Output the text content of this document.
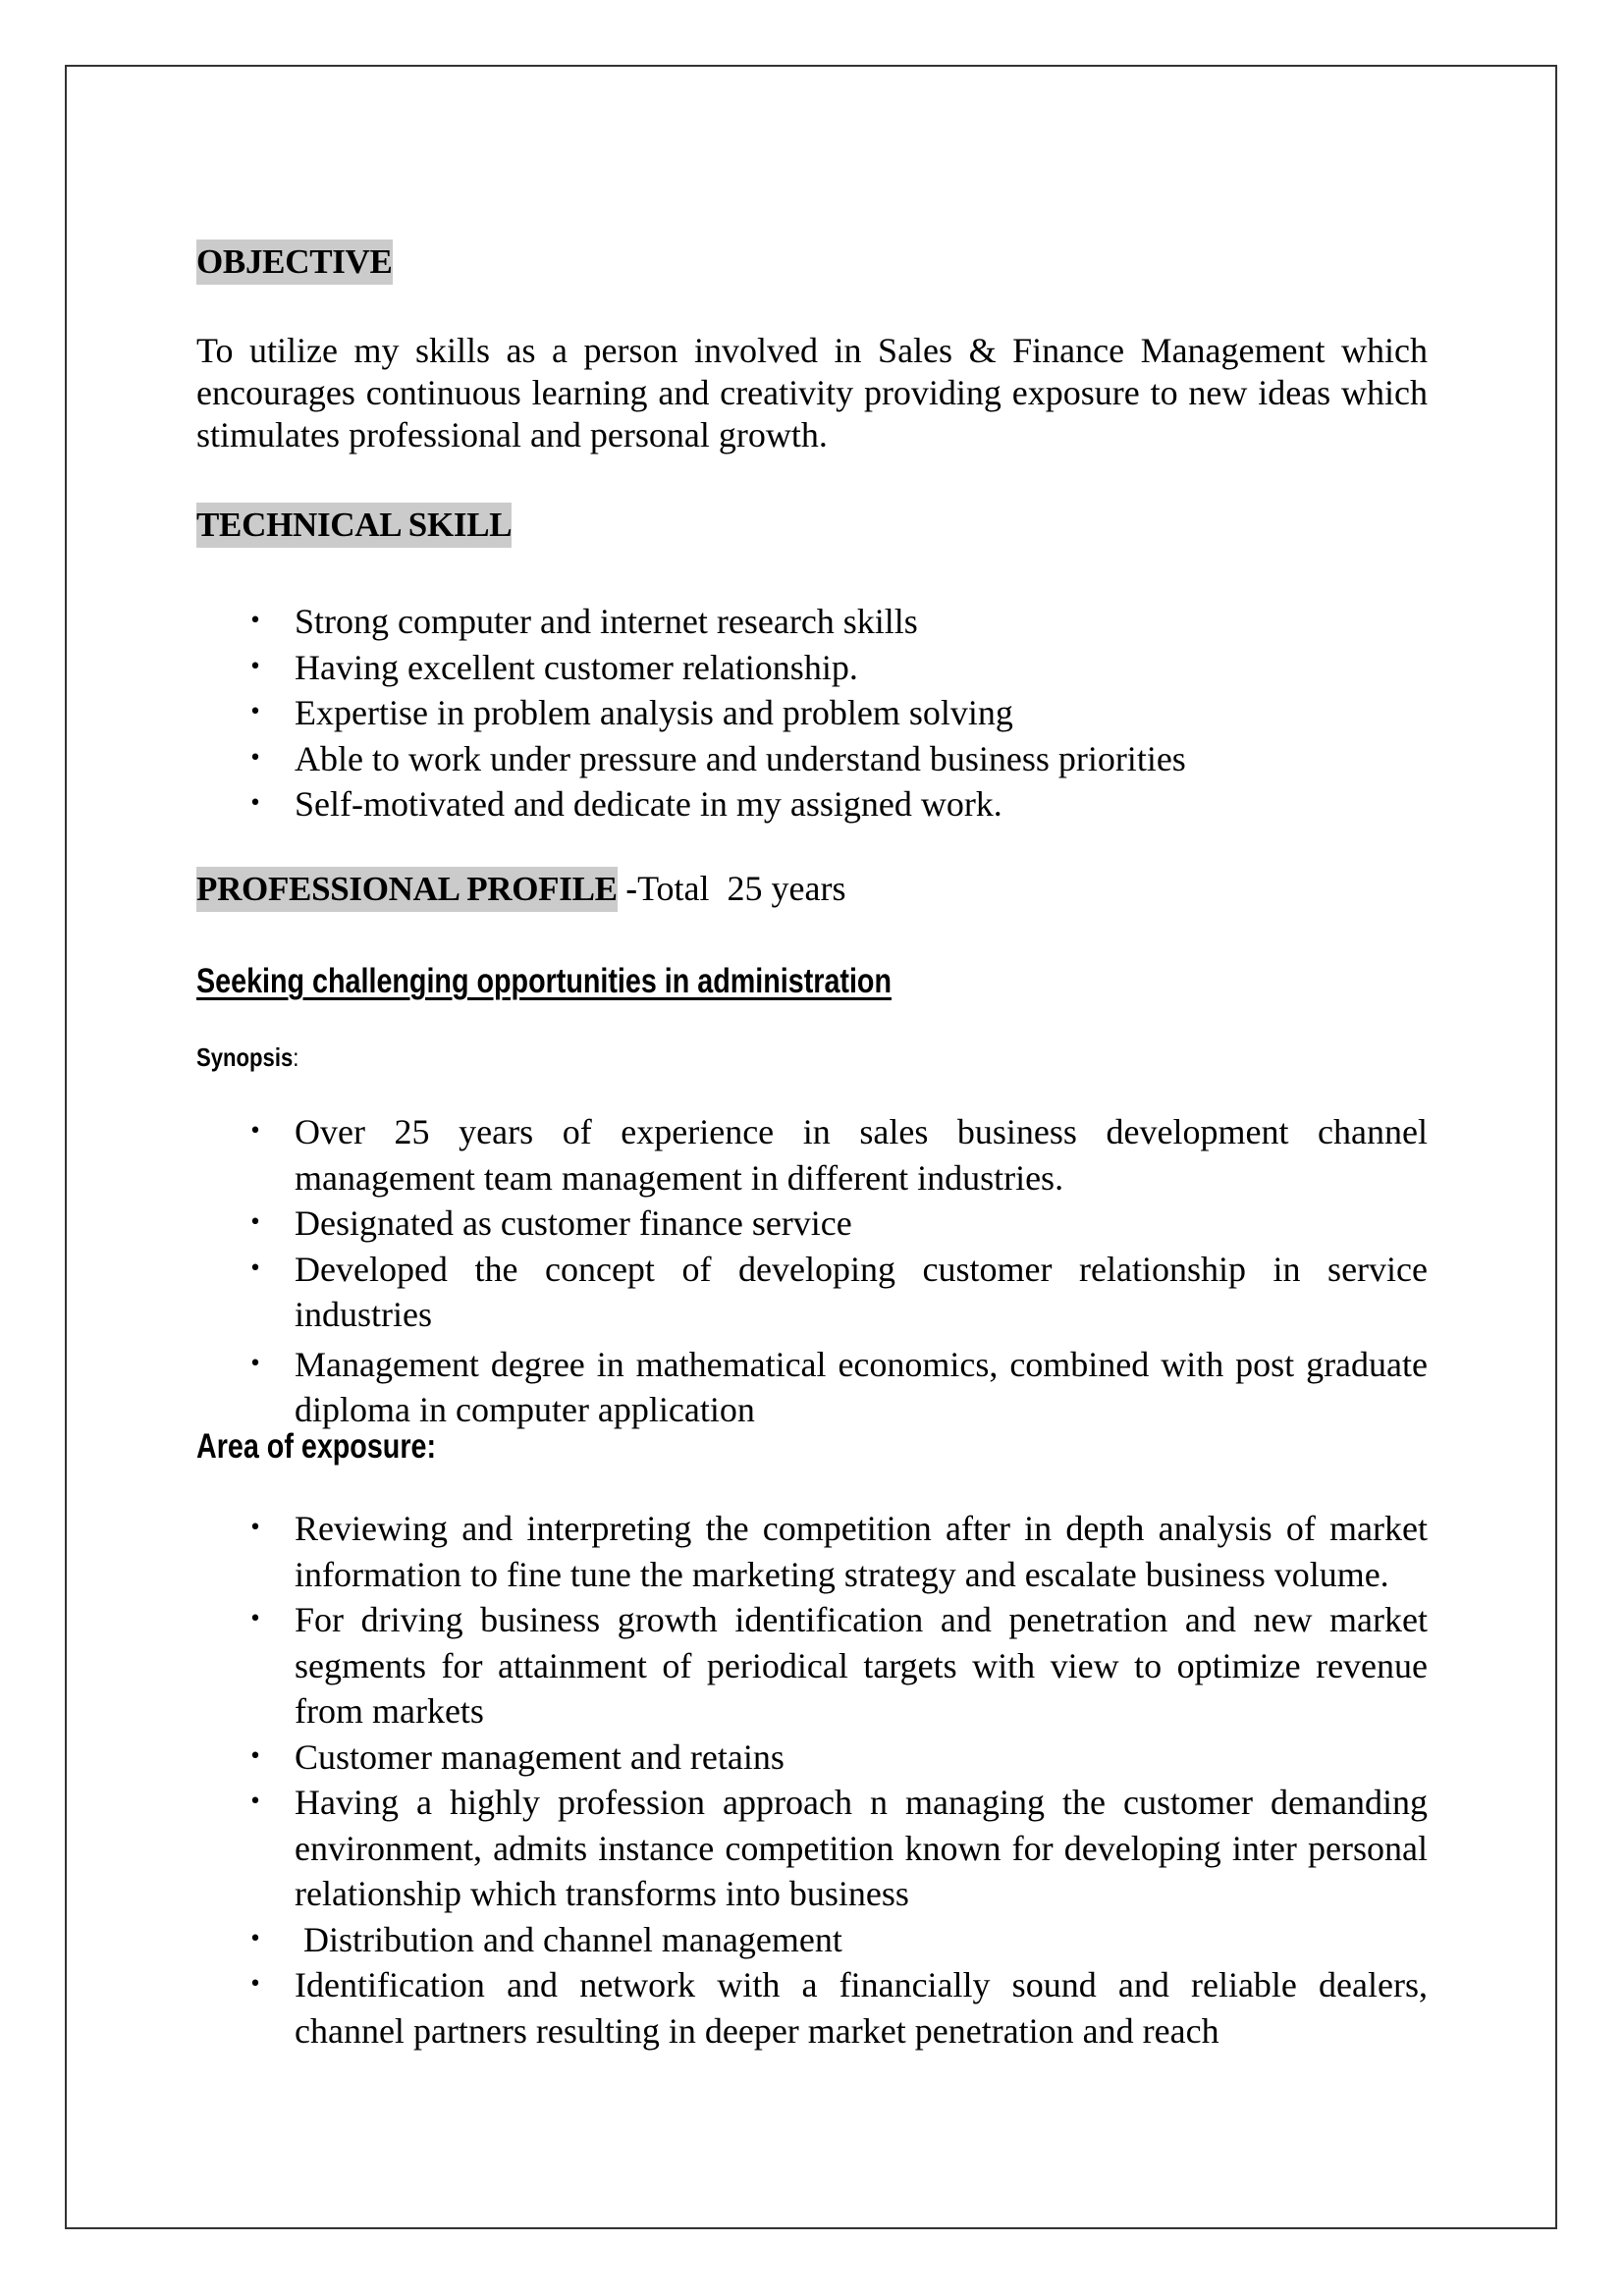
OBJECTIVE

To utilize my skills as a person involved in Sales & Finance Management which encourages continuous learning and creativity providing exposure to new ideas which stimulates professional and personal growth.

TECHNICAL SKILL
• Strong computer and internet research skills
• Having excellent customer relationship.
• Expertise in problem analysis and problem solving
• Able to work under pressure and understand business priorities
• Self-motivated and dedicate in my assigned work.
PROFESSIONAL PROFILE -Total  25 years
Seeking challenging opportunities in administration
Synopsis:
• Over 25 years of experience in sales business development channel management team management in different industries.
• Designated as customer finance service
• Developed the concept of developing customer relationship in service industries
• Management degree in mathematical economics, combined with post graduate diploma in computer application
Area of exposure:
• Reviewing and interpreting the competition after in depth analysis of market information to fine tune the marketing strategy and escalate business volume.
• For driving business growth identification and penetration and new market segments for attainment of periodical targets with view to optimize revenue from markets
• Customer management and retains
• Having a highly profession approach n managing the customer demanding environment, admits instance competition known for developing inter personal relationship which transforms into business
• Distribution and channel management
• Identification and network with a financially sound and reliable dealers, channel partners resulting in deeper market penetration and reach
